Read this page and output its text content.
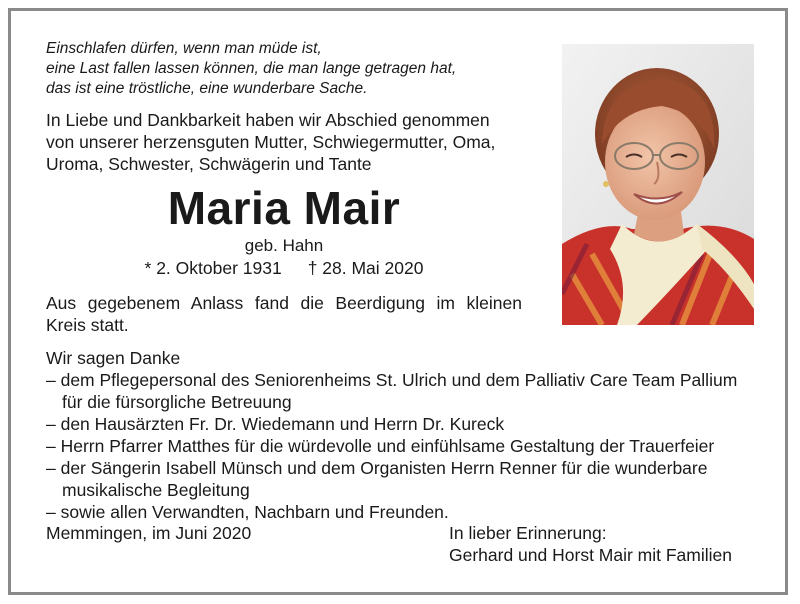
Einschlafen dürfen, wenn man müde ist,
eine Last fallen lassen können, die man lange getragen hat,
das ist eine tröstliche, eine wunderbare Sache.
In Liebe und Dankbarkeit haben wir Abschied genommen
von unserer herzensguten Mutter, Schwiegermutter, Oma,
Uroma, Schwester, Schwägerin und Tante
Maria Mair
geb. Hahn
* 2. Oktober 1931 † 28. Mai 2020
Aus gegebenem Anlass fand die Beerdigung im kleinen
Kreis statt.
Wir sagen Danke
– dem Pflegepersonal des Seniorenheims St. Ulrich und dem Palliativ Care Team Pallium
für die fürsorgliche Betreuung
– den Hausärzten Fr. Dr. Wiedemann und Herrn Dr. Kureck
– Herrn Pfarrer Matthes für die würdevolle und einfühlsame Gestaltung der Trauerfeier
– der Sängerin Isabell Münsch und dem Organisten Herrn Renner für die wunderbare
musikalische Begleitung
– sowie allen Verwandten, Nachbarn und Freunden.
Memmingen, im Juni 2020	In lieber Erinnerung:
Gerhard und Horst Mair mit Familien
